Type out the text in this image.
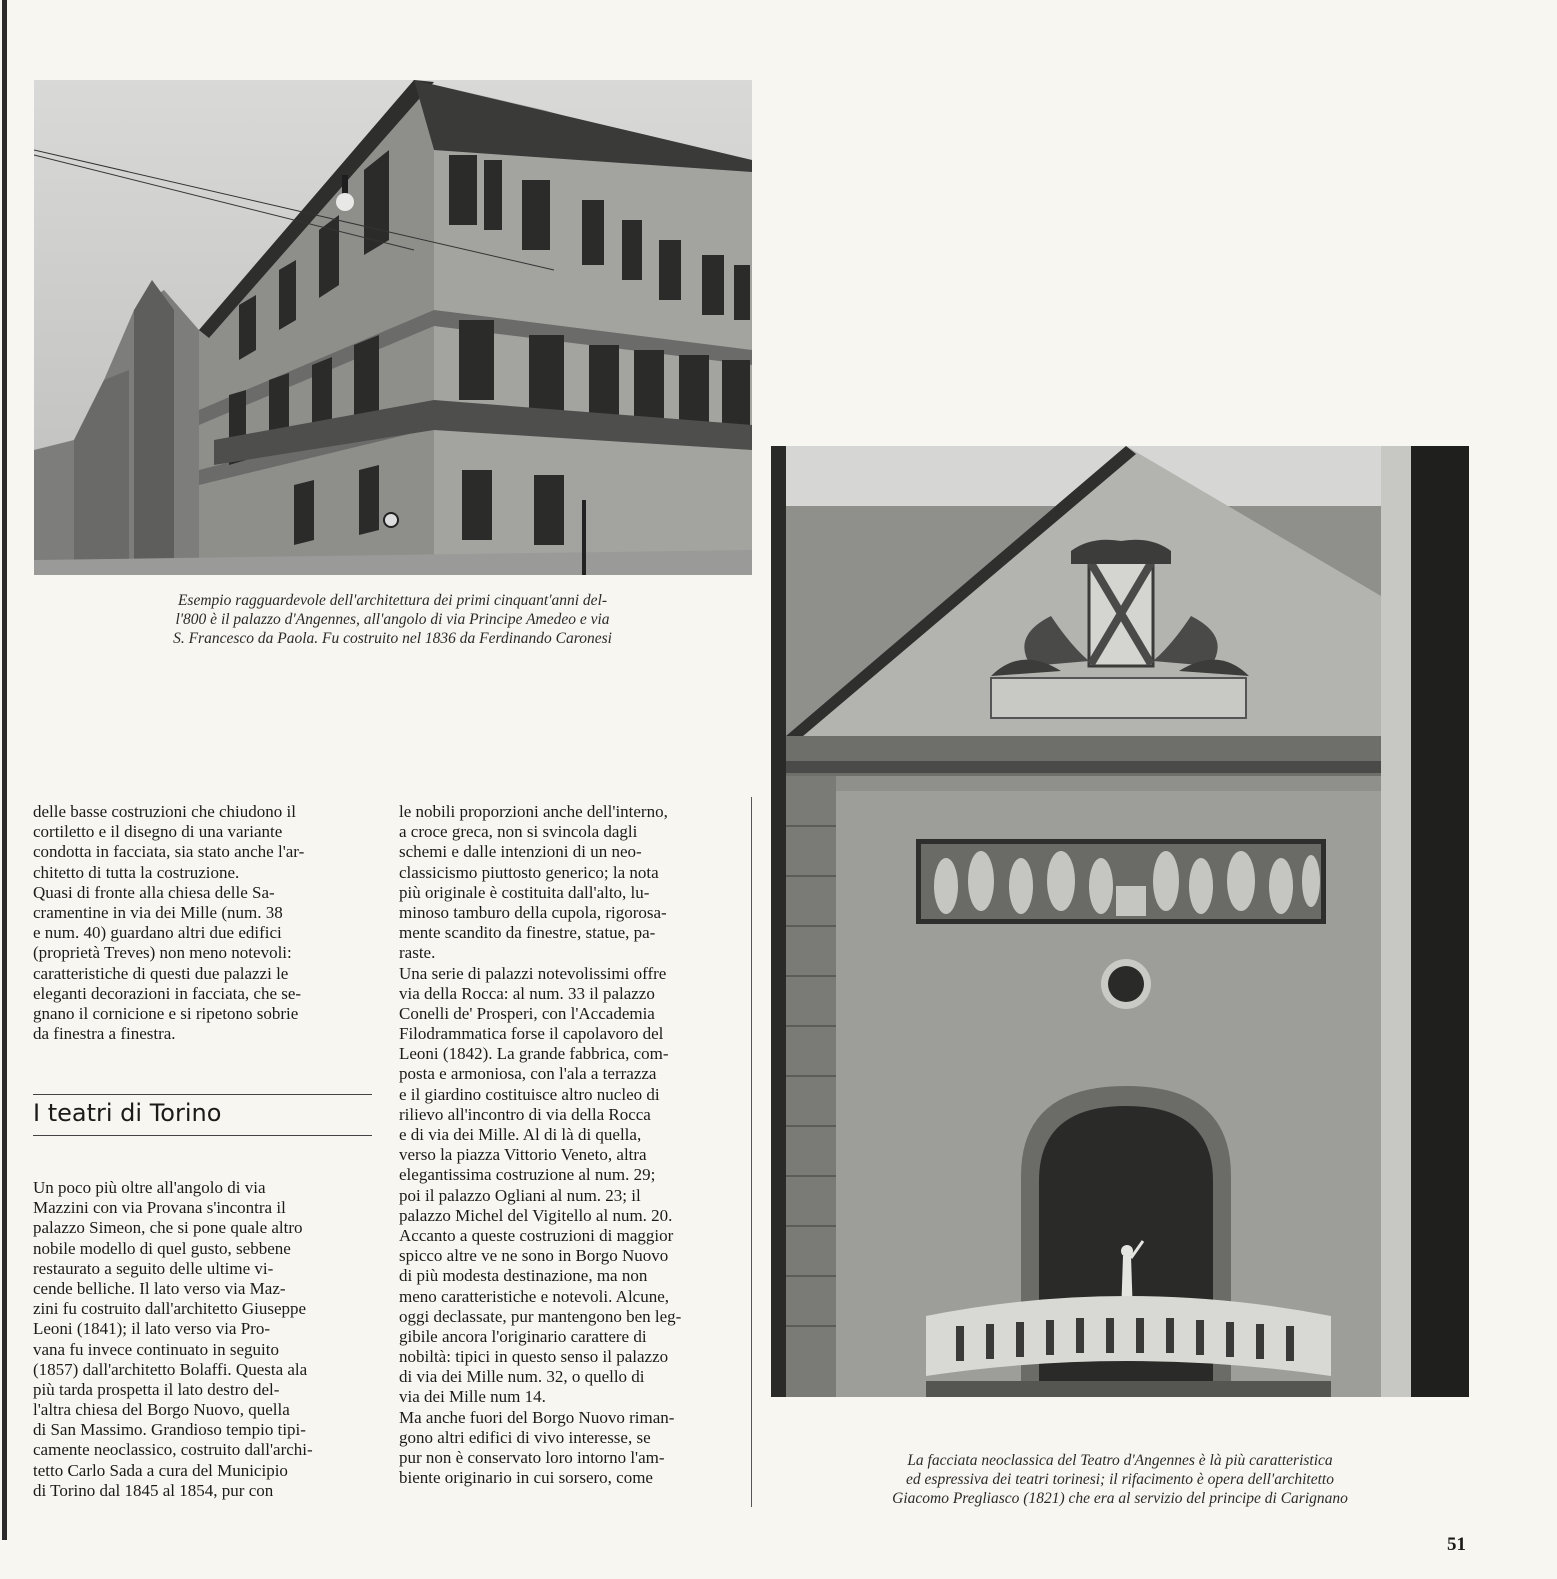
Esempio ragguardevole dell'architettura dei primi cinquant'anni del-

l'800 è il palazzo d'Angennes, all'angolo di via Principe Amedeo e via

S. Francesco da Paola. Fu costruito nel 1836 da Ferdinando Caronesi

La facciata neoclassica del Teatro d'Angennes è là più caratteristica

ed espressiva dei teatri torinesi; il rifacimento è opera dell'architetto

Giacomo Pregliasco (1821) che era al servizio del principe di Carignano

delle basse costruzioni che chiudono il
cortiletto e il disegno di una variante
condotta in facciata, sia stato anche l'ar-
chitetto di tutta la costruzione.
Quasi di fronte alla chiesa delle Sa-
cramentine in via dei Mille (num. 38
e num. 40) guardano altri due edifici
(proprietà Treves) non meno notevoli:
caratteristiche di questi due palazzi le
eleganti decorazioni in facciata, che se-
gnano il cornicione e si ripetono sobrie
da finestra a finestra.
I teatri di Torino
Un poco più oltre all'angolo di via
Mazzini con via Provana s'incontra il
palazzo Simeon, che si pone quale altro
nobile modello di quel gusto, sebbene
restaurato a seguito delle ultime vi-
cende belliche. Il lato verso via Maz-
zini fu costruito dall'architetto Giuseppe
Leoni (1841); il lato verso via Pro-
vana fu invece continuato in seguito
(1857) dall'architetto Bolaffi. Questa ala
più tarda prospetta il lato destro del-
l'altra chiesa del Borgo Nuovo, quella
di San Massimo. Grandioso tempio tipi-
camente neoclassico, costruito dall'archi-
tetto Carlo Sada a cura del Municipio
di Torino dal 1845 al 1854, pur con
le nobili proporzioni anche dell'interno,
a croce greca, non si svincola dagli
schemi e dalle intenzioni di un neo-
classicismo piuttosto generico; la nota
più originale è costituita dall'alto, lu-
minoso tamburo della cupola, rigorosa-
mente scandito da finestre, statue, pa-
raste.
Una serie di palazzi notevolissimi offre
via della Rocca: al num. 33 il palazzo
Conelli de' Prosperi, con l'Accademia
Filodrammatica forse il capolavoro del
Leoni (1842). La grande fabbrica, com-
posta e armoniosa, con l'ala a terrazza
e il giardino costituisce altro nucleo di
rilievo all'incontro di via della Rocca
e di via dei Mille. Al di là di quella,
verso la piazza Vittorio Veneto, altra
elegantissima costruzione al num. 29;
poi il palazzo Ogliani al num. 23; il
palazzo Michel del Vigitello al num. 20.
Accanto a queste costruzioni di maggior
spicco altre ve ne sono in Borgo Nuovo
di più modesta destinazione, ma non
meno caratteristiche e notevoli. Alcune,
oggi declassate, pur mantengono ben leg-
gibile ancora l'originario carattere di
nobiltà: tipici in questo senso il palazzo
di via dei Mille num. 32, o quello di
via dei Mille num 14.
Ma anche fuori del Borgo Nuovo riman-
gono altri edifici di vivo interesse, se
pur non è conservato loro intorno l'am-
biente originario in cui sorsero, come
51
